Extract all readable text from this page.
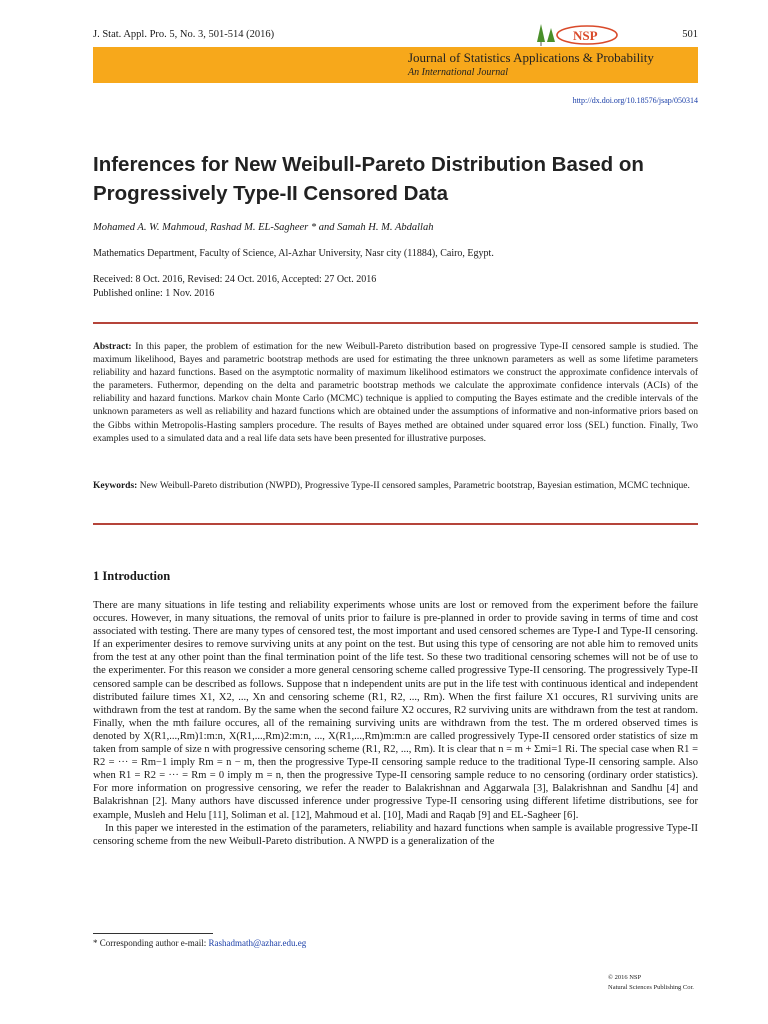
J. Stat. Appl. Pro. 5, No. 3, 501-514 (2016)	NSP	501
Journal of Statistics Applications & Probability
An International Journal
http://dx.doi.org/10.18576/jsap/050314
Inferences for New Weibull-Pareto Distribution Based on Progressively Type-II Censored Data
Mohamed A. W. Mahmoud, Rashad M. EL-Sagheer * and Samah H. M. Abdallah
Mathematics Department, Faculty of Science, Al-Azhar University, Nasr city (11884), Cairo, Egypt.
Received: 8 Oct. 2016, Revised: 24 Oct. 2016, Accepted: 27 Oct. 2016
Published online: 1 Nov. 2016

Abstract: In this paper, the problem of estimation for the new Weibull-Pareto distribution based on progressive Type-II censored sample is studied. The maximum likelihood, Bayes and parametric bootstrap methods are used for estimating the three unknown parameters as well as some lifetime parameters reliability and hazard functions. Based on the asymptotic normality of maximum likelihood estimators we construct the approximate confidence intervals of the parameters. Futhermor, depending on the delta and parametric bootstrap methods we calculate the approximate confidence intervals (ACIs) of the reliability and hazard functions. Markov chain Monte Carlo (MCMC) technique is applied to computing the Bayes estimate and the credible intervals of the unknown parameters as well as reliability and hazard functions which are obtained under the assumptions of informative and non-informative priors based on the Gibbs within Metropolis-Hasting samplers procedure. The results of Bayes methed are obtained under squared error loss (SEL) function. Finally, Two examples used to a simulated data and a real life data sets have been presented for illustrative purposes.

Keywords: New Weibull-Pareto distribution (NWPD), Progressive Type-II censored samples, Parametric bootstrap, Bayesian estimation, MCMC technique.

1 Introduction

There are many situations in life testing and reliability experiments whose units are lost or removed from the experiment before the failure occures. However, in many situations, the removal of units prior to failure is pre-planned in order to provide saving in terms of time and cost associated with testing. There are many types of censored test, the most important and used censored schemes are Type-I and Type-II censoring. If an experimenter desires to remove surviving units at any point on the test. But using this type of censoring are not able him to removed units from the test at any other point than the final termination point of the life test. So these two traditional censoring schemes will not be of use to the experimenter. For this reason we consider a more general censoring scheme called progressive Type-II censoring. The progressively Type-II censored sample can be described as follows. Suppose that n independent units are put in the life test with continuous identical and independent distributed failure times X1, X2, ..., Xn and censoring scheme (R1, R2, ..., Rm). When the first failure X1 occures, R1 surviving units are withdrawn from the test at random. By the same when the second failure X2 occures, R2 surviving units are withdrawn from the test at random. Finally, when the mth failure occures, all of the remaining surviving units are withdrawn from the test. The m ordered observed times is denoted by X(R1,...,Rm)1:m:n, X(R1,...,Rm)2:m:n, ..., X(R1,...,Rm)m:m:n are called progressively Type-II censored order statistics of size m taken from sample of size n with progressive censoring scheme (R1, R2, ..., Rm). It is clear that n = m + Σmi=1 Ri. The special case when R1 = R2 = ··· = Rm−1 imply Rm = n − m, then the progressive Type-II censoring sample reduce to the traditional Type-II censoring sample. Also when R1 = R2 = ··· = Rm = 0 imply m = n, then the progressive Type-II censoring sample reduce to no censoring (ordinary order statistics). For more information on progressive censoring, we refer the reader to Balakrishnan and Aggarwala [3], Balakrishnan and Sandhu [4] and Balakrishnan [2]. Many authors have discussed inference under progressive Type-II censoring using different lifetime distributions, see for example, Musleh and Helu [11], Soliman et al. [12], Mahmoud et al. [10], Madi and Raqab [9] and EL-Sagheer [6].

In this paper we interested in the estimation of the parameters, reliability and hazard functions when sample is available progressive Type-II censoring scheme from the new Weibull-Pareto distribution. A NWPD is a generalization of the

* Corresponding author e-mail: Rashadmath@azhar.edu.eg
© 2016 NSP
Natural Sciences Publishing Cor.
